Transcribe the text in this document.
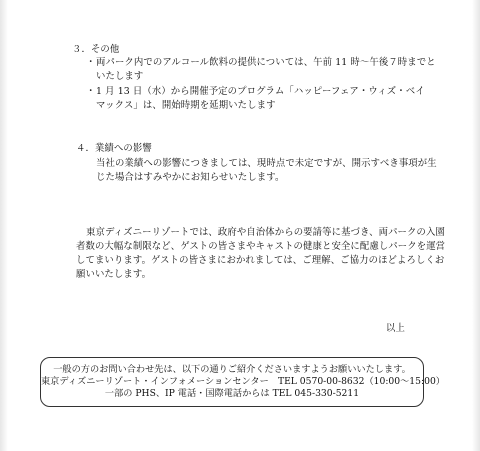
３．その他
・ 両パーク内でのアルコール飲料の提供については、午前 11 時～午後７時までと
いたします
・ 1 月 13 日（水）から開催予定のプログラム「ハッピーフェア・ウィズ・ベイ
マックス」は、開始時期を延期いたします
４．業績への影響
当社の業績への影響につきましては、現時点で未定ですが、開示すべき事項が生
じた場合はすみやかにお知らせいたします。
東京ディズニーリゾートでは、政府や自治体からの要請等に基づき、両パークの入園
者数の大幅な制限など、ゲストの皆さまやキャストの健康と安全に配慮しパークを運営
してまいります。ゲストの皆さまにおかれましては、ご理解、ご協力のほどよろしくお
願いいたします。
以上
一般の方のお問い合わせ先は、以下の通りご紹介くださいますようお願いいたします。
東京ディズニーリゾート・インフォメーションセンター　TEL 0570-00-8632（10:00～15:00）
一部の PHS、IP 電話・国際電話からは TEL 045-330-5211
